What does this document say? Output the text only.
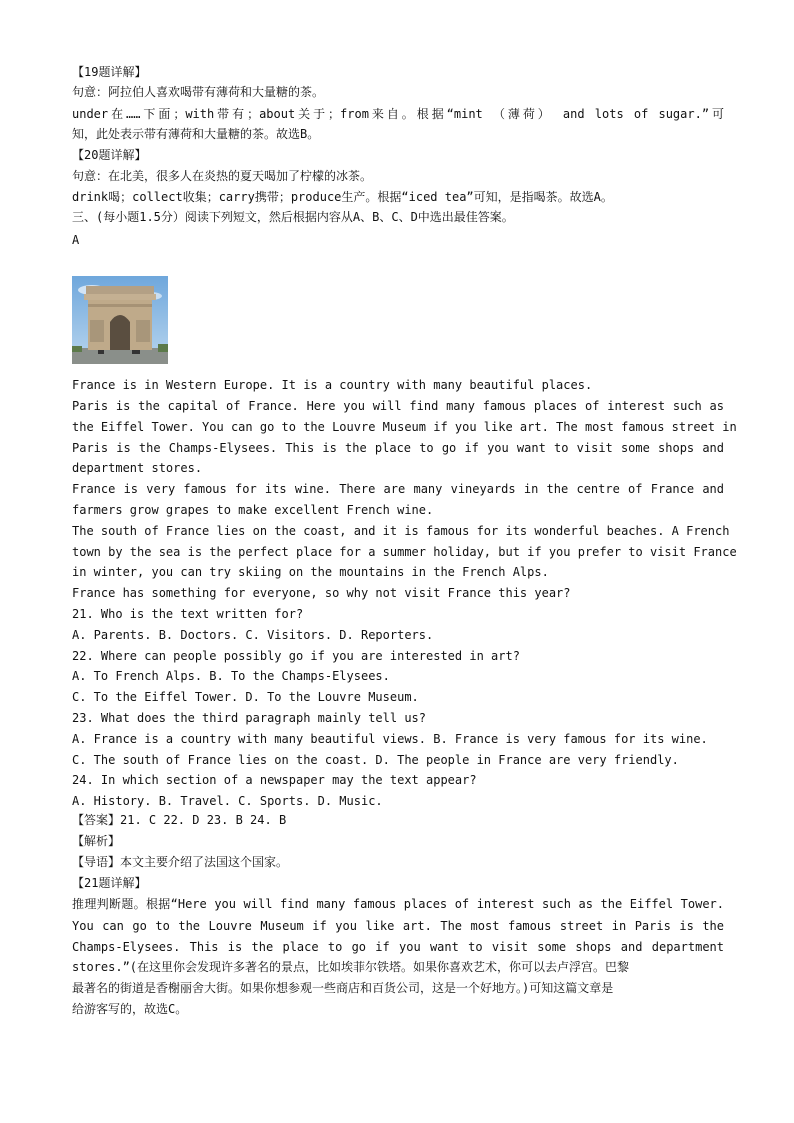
【19题详解】
句意：阿拉伯人喜欢喝带有薄荷和大量糖的茶。
under在……下面；with带有；about关于；from来自。根据“mint （薄荷） and lots of sugar.”可
知，此处表示带有薄荷和大量糖的茶。故选B。
【20题详解】
句意：在北美，很多人在炎热的夏天喝加了柠檬的冰茶。
drink喝；collect收集；carry携带；produce生产。根据“iced tea”可知，是指喝茶。故选A。
三、(每小题1.5分）阅读下列短文，然后根据内容从A、B、C、D中选出最佳答案。
A
France is in Western Europe. It is a country with many beautiful places.
Paris is the capital of France. Here you will find many famous places of interest such as
the Eiffel Tower. You can go to the Louvre Museum if you like art. The most famous street in
Paris is the Champs-Elysees. This is the place to go if you want to visit some shops and
department stores.
France is very famous for its wine. There are many vineyards in the centre of France and
farmers grow grapes to make excellent French wine.
The south of France lies on the coast, and it is famous for its wonderful beaches. A French
town by the sea is the perfect place for a summer holiday, but if you prefer to visit France
in winter, you can try skiing on the mountains in the French Alps.
France has something for everyone, so why not visit France this year?
21. Who is the text written for?
A. Parents. B. Doctors. C. Visitors. D. Reporters.
22. Where can people possibly go if you are interested in art?
A. To French Alps. B. To the Champs-Elysees.
C. To the Eiffel Tower. D. To the Louvre Museum.
23. What does the third paragraph mainly tell us?
A. France is a country with many beautiful views. B. France is very famous for its wine.
C. The south of France lies on the coast. D. The people in France are very friendly.
24. In which section of a newspaper may the text appear?
A. History. B. Travel. C. Sports. D. Music.
【答案】21. C 22. D 23. B 24. B
【解析】
【导语】本文主要介绍了法国这个国家。
【21题详解】
推理判断题。根据“Here you will find many famous places of interest such as the Eiffel Tower.
You can go to the Louvre Museum if you like art. The most famous street in Paris is the
Champs-Elysees. This is the place to go if you want to visit some shops and department
stores.”(在这里你会发现许多著名的景点，比如埃菲尔铁塔。如果你喜欢艺术，你可以去卢浮宫。巴黎
最著名的街道是香榭丽舍大街。如果你想参观一些商店和百货公司，这是一个好地方。)可知这篇文章是
给游客写的，故选C。
